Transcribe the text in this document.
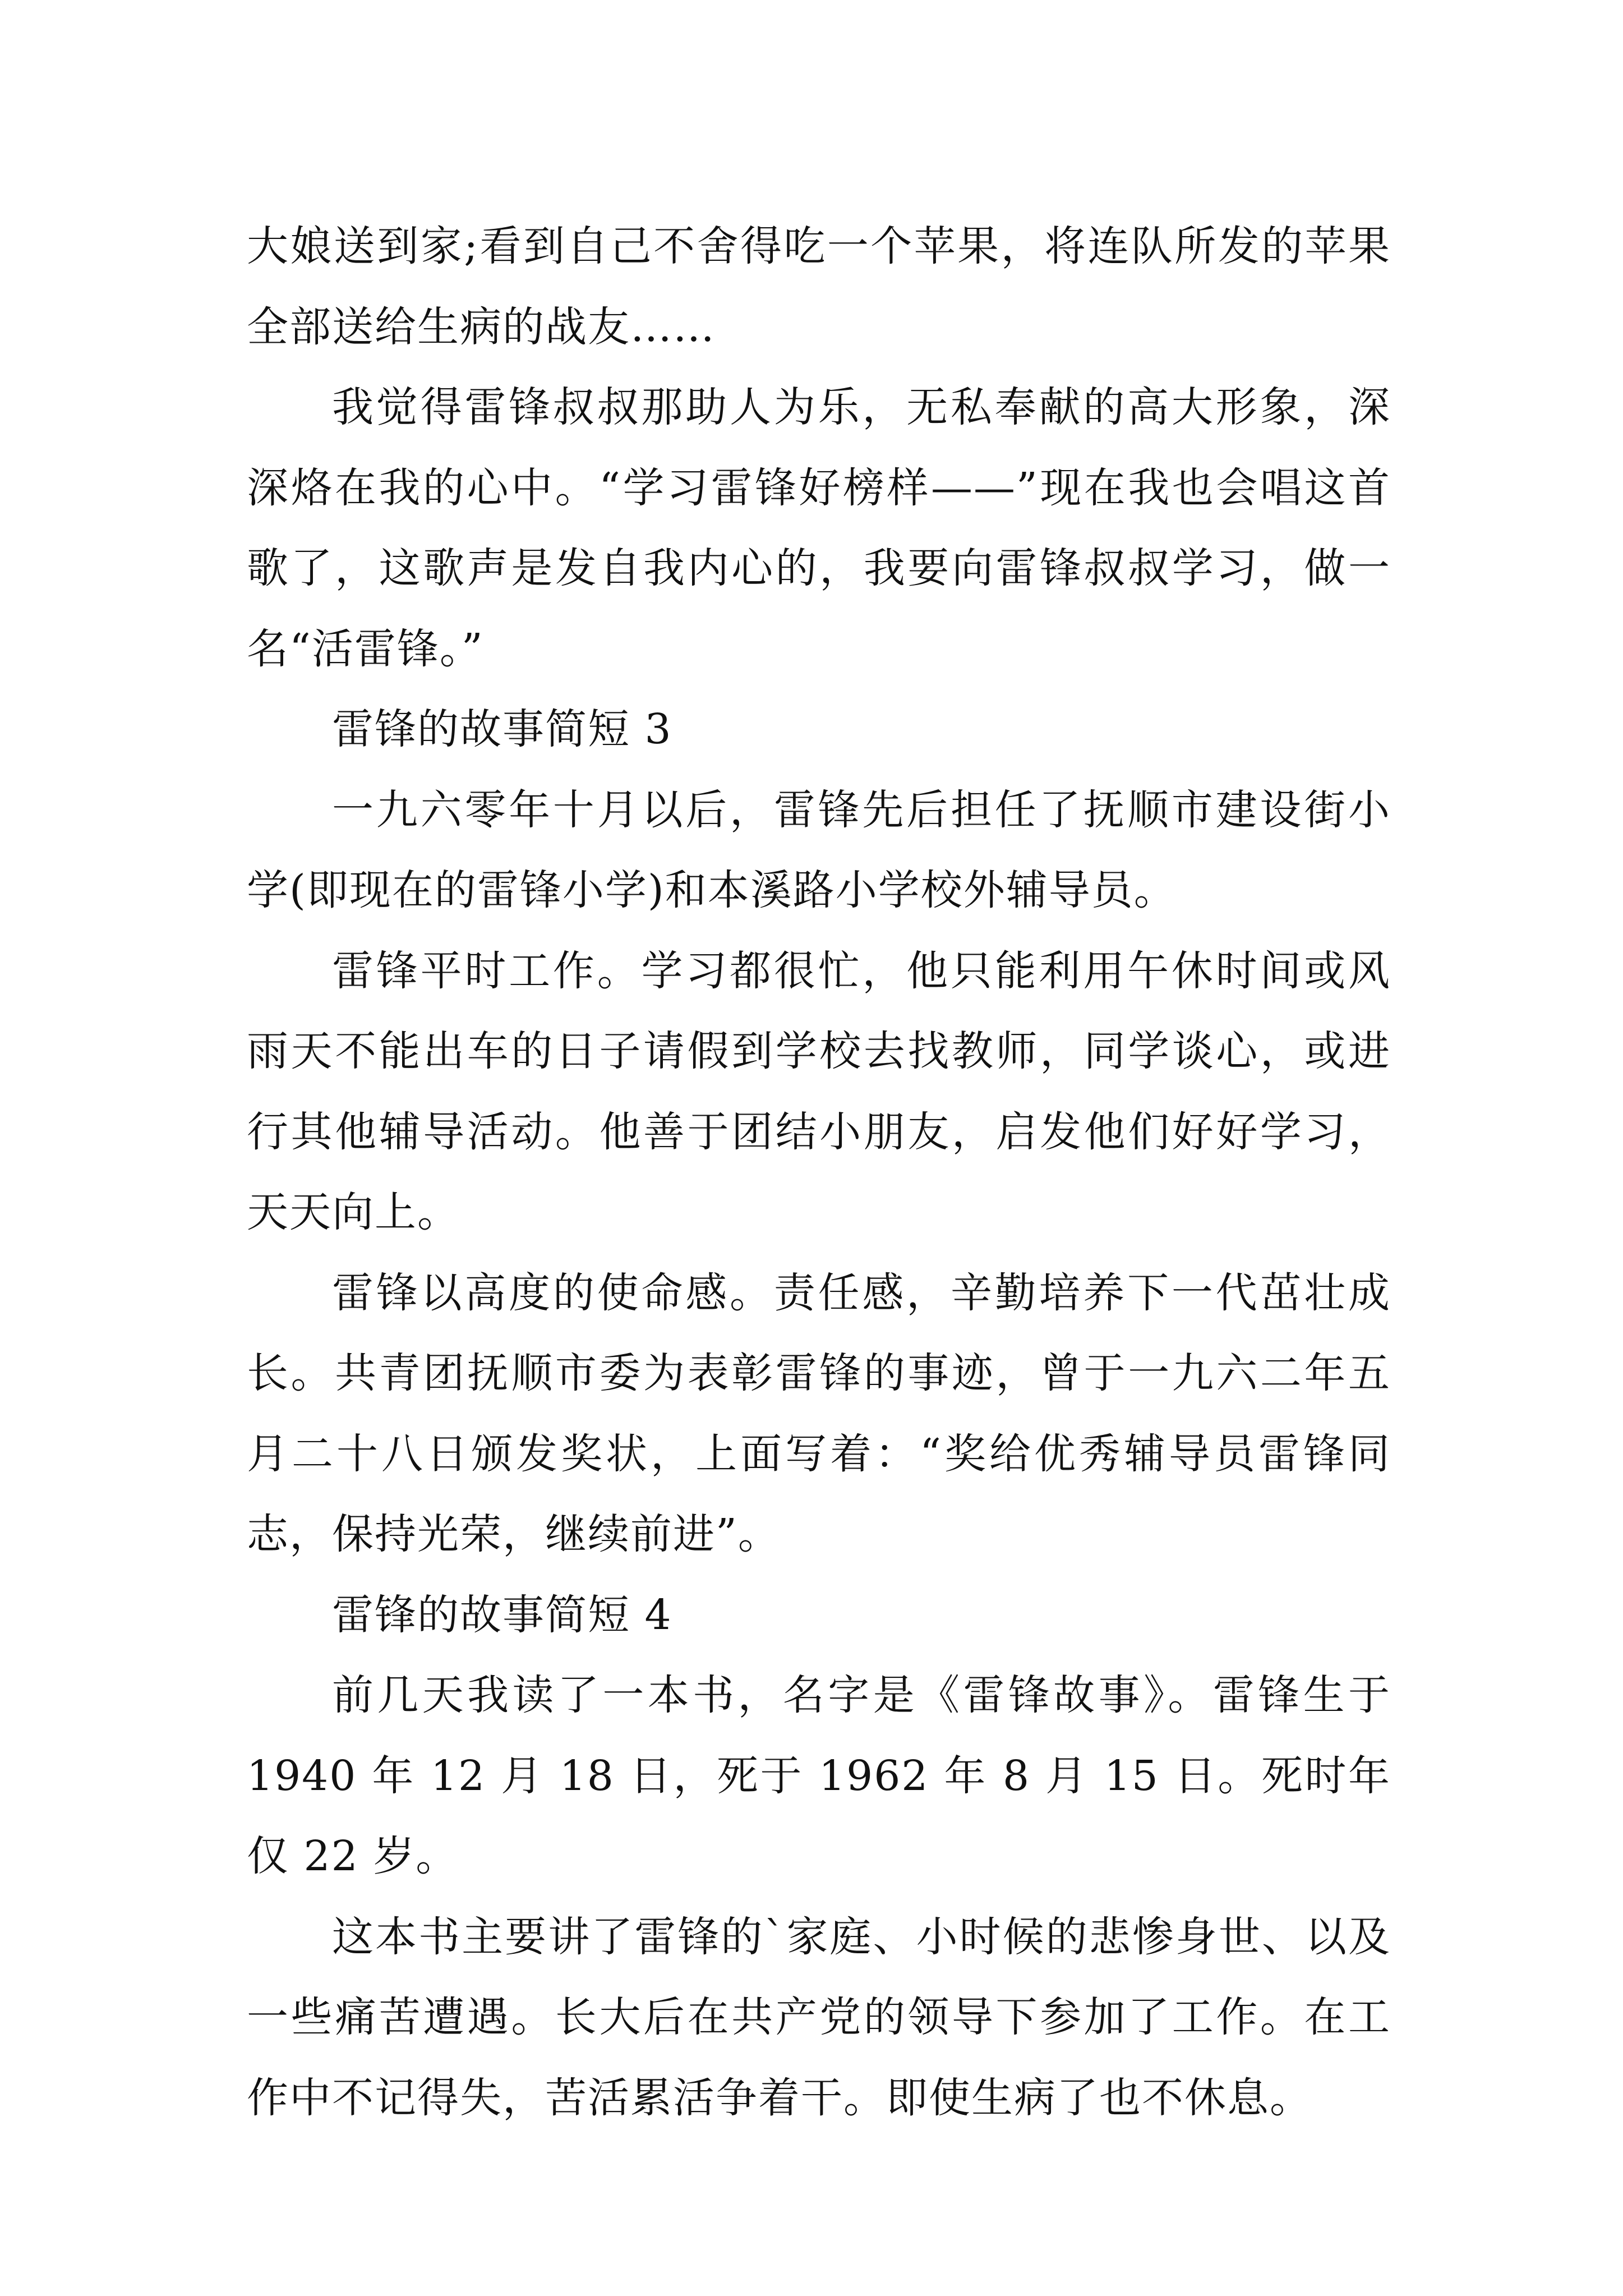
大娘送到家;看到自己不舍得吃一个苹果，将连队所发的苹果全部送给生病的战友……

我觉得雷锋叔叔那助人为乐，无私奉献的高大形象，深深烙在我的心中。“学习雷锋好榜样——”现在我也会唱这首歌了，这歌声是发自我内心的，我要向雷锋叔叔学习，做一名“活雷锋。”

雷锋的故事简短 3

一九六零年十月以后，雷锋先后担任了抚顺市建设街小学(即现在的雷锋小学)和本溪路小学校外辅导员。

雷锋平时工作。学习都很忙，他只能利用午休时间或风雨天不能出车的日子请假到学校去找教师，同学谈心，或进行其他辅导活动。他善于团结小朋友，启发他们好好学习，天天向上。

雷锋以高度的使命感。责任感，辛勤培养下一代茁壮成长。共青团抚顺市委为表彰雷锋的事迹，曾于一九六二年五月二十八日颁发奖状，上面写着：“奖给优秀辅导员雷锋同志，保持光荣，继续前进”。

雷锋的故事简短 4

前几天我读了一本书，名字是《雷锋故事》。雷锋生于 1940 年 12 月 18 日，死于 1962 年 8 月 15 日。死时年仅 22 岁。

这本书主要讲了雷锋的`家庭、小时候的悲惨身世、以及一些痛苦遭遇。长大后在共产党的领导下参加了工作。在工作中不记得失，苦活累活争着干。即使生病了也不休息。
